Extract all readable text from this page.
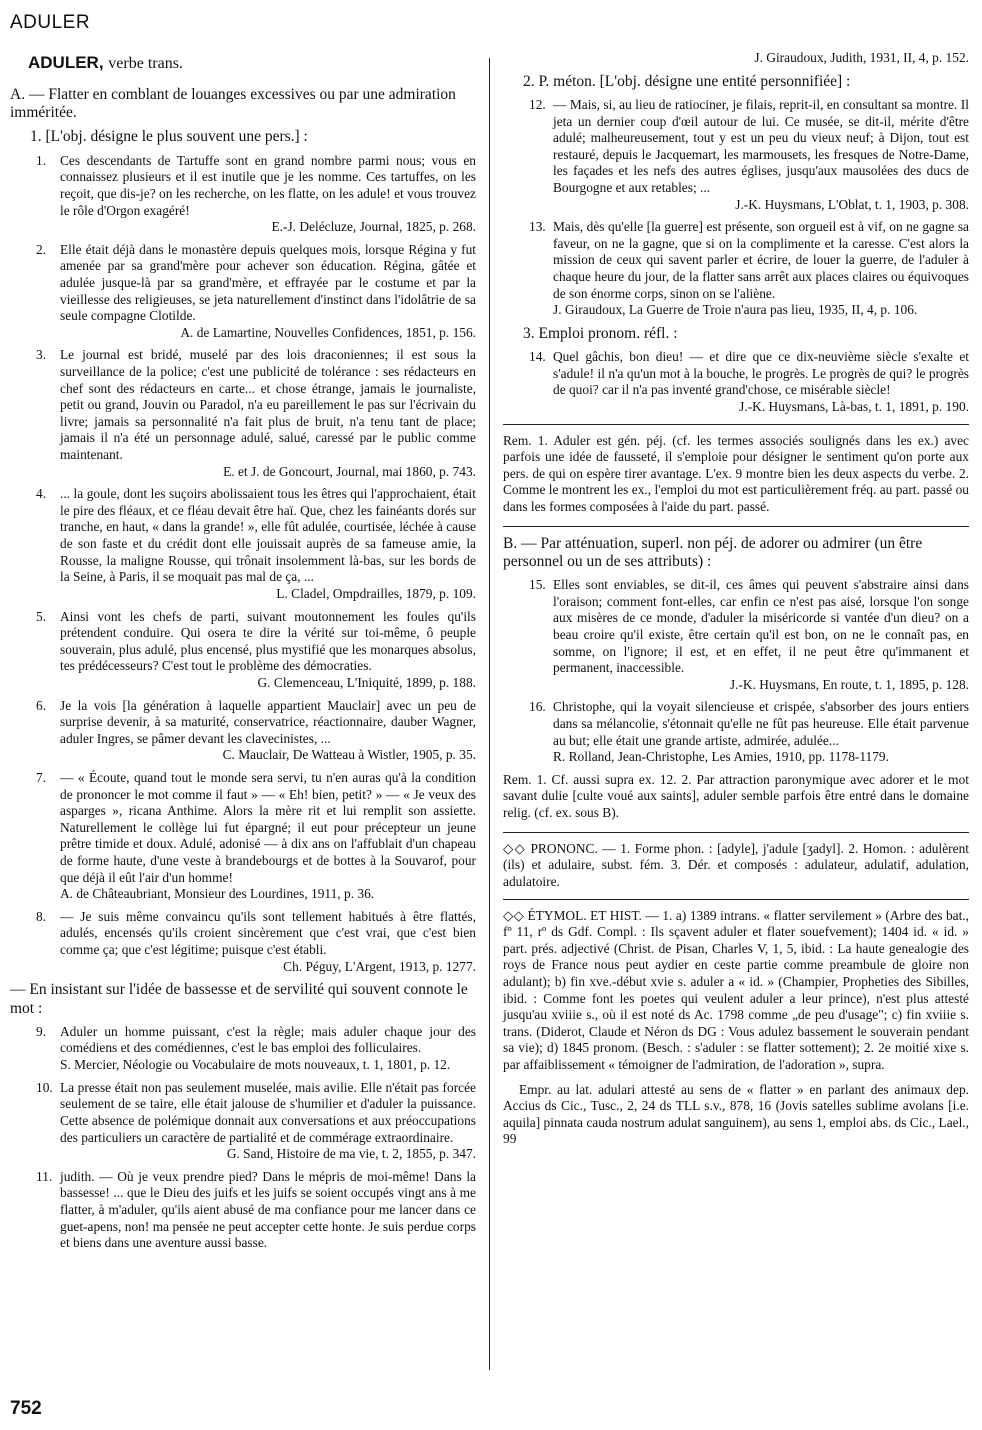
ADULER
ADULER, verbe trans.
A. — Flatter en comblant de louanges excessives ou par une admiration imméritée.
1. [L'obj. désigne le plus souvent une pers.] :
1. Ces descendants de Tartuffe sont en grand nombre parmi nous; vous en connaissez plusieurs et il est inutile que je les nomme. Ces tartuffes, on les reçoit, que dis-je? on les recherche, on les flatte, on les adule! et vous trouvez le rôle d'Orgon exagéré!
E.-J. Delécluze, Journal, 1825, p. 268.
2. Elle était déjà dans le monastère depuis quelques mois, lorsque Régina y fut amenée par sa grand'mère pour achever son éducation. Régina, gâtée et adulée jusque-là par sa grand'mère, et effrayée par le costume et par la vieillesse des religieuses, se jeta naturellement d'instinct dans l'idolâtrie de sa seule compagne Clotilde.
A. de Lamartine, Nouvelles Confidences, 1851, p. 156.
3. Le journal est bridé, muselé par des lois draconiennes; il est sous la surveillance de la police; c'est une publicité de tolérance : ses rédacteurs en chef sont des rédacteurs en carte... et chose étrange, jamais le journaliste, petit ou grand, Jouvin ou Paradol, n'a eu pareillement le pas sur l'écrivain du livre; jamais sa personnalité n'a fait plus de bruit, n'a tenu tant de place; jamais il n'a été un personnage adulé, salué, caressé par le public comme maintenant.
E. et J. de Goncourt, Journal, mai 1860, p. 743.
4. ... la goule, dont les suçoirs abolissaient tous les êtres qui l'approchaient, était le pire des fléaux, et ce fléau devait être haï. Que, chez les fainéants dorés sur tranche, en haut, « dans la grande! », elle fût adulée, courtisée, léchée à cause de son faste et du crédit dont elle jouissait auprès de sa fameuse amie, la Rousse, la maligne Rousse, qui trônait insolemment là-bas, sur les bords de la Seine, à Paris, il se moquait pas mal de ça, ...
L. Cladel, Ompdrailles, 1879, p. 109.
5. Ainsi vont les chefs de parti, suivant moutonnement les foules qu'ils prétendent conduire. Qui osera te dire la vérité sur toi-même, ô peuple souverain, plus adulé, plus encensé, plus mystifié que les monarques absolus, tes prédécesseurs? C'est tout le problème des démocraties.
G. Clemenceau, L'Iniquité, 1899, p. 188.
6. Je la vois [la génération à laquelle appartient Mauclair] avec un peu de surprise devenir, à sa maturité, conservatrice, réactionnaire, dauber Wagner, aduler Ingres, se pâmer devant les clavecinistes, ...
C. Mauclair, De Watteau à Wistler, 1905, p. 35.
7. — « Écoute, quand tout le monde sera servi, tu n'en auras qu'à la condition de prononcer le mot comme il faut » — « Eh! bien, petit? » — « Je veux des asparges », ricana Anthime. Alors la mère rit et lui remplit son assiette. Naturellement le collège lui fut épargné; il eut pour précepteur un jeune prêtre timide et doux. Adulé, adonisé — à dix ans on l'affublait d'un chapeau de forme haute, d'une veste à brandebourgs et de bottes à la Souvarof, pour que déjà il eût l'air d'un homme!
A. de Châteaubriant, Monsieur des Lourdines, 1911, p. 36.
8. — Je suis même convaincu qu'ils sont tellement habitués à être flattés, adulés, encensés qu'ils croient sincèrement que c'est vrai, que c'est bien comme ça; que c'est légitime; puisque c'est établi.
Ch. Péguy, L'Argent, 1913, p. 1277.
— En insistant sur l'idée de bassesse et de servilité qui souvent connote le mot :
9. Aduler un homme puissant, c'est la règle; mais aduler chaque jour des comédiens et des comédiennes, c'est le bas emploi des folliculaires.
S. Mercier, Néologie ou Vocabulaire de mots nouveaux, t. 1, 1801, p. 12.
10. La presse était non pas seulement muselée, mais avilie. Elle n'était pas forcée seulement de se taire, elle était jalouse de s'humilier et d'aduler la puissance. Cette absence de polémique donnait aux conversations et aux préoccupations des particuliers un caractère de partialité et de commérage extraordinaire.
G. Sand, Histoire de ma vie, t. 2, 1855, p. 347.
11. judith. — Où je veux prendre pied? Dans le mépris de moi-même! Dans la bassesse! ... que le Dieu des juifs et les juifs se soient occupés vingt ans à me flatter, à m'aduler, qu'ils aient abusé de ma confiance pour me lancer dans ce guet-apens, non! ma pensée ne peut accepter cette honte. Je suis perdue corps et biens dans une aventure aussi basse.
J. Giraudoux, Judith, 1931, II, 4, p. 152.
2. P. méton. [L'obj. désigne une entité personnifiée] :
12. — Mais, si, au lieu de ratiociner, je filais, reprit-il, en consultant sa montre. Il jeta un dernier coup d'œil autour de lui. Ce musée, se dit-il, mérite d'être adulé; malheureusement, tout y est un peu du vieux neuf; à Dijon, tout est restauré, depuis le Jacquemart, les marmousets, les fresques de Notre-Dame, les façades et les nefs des autres églises, jusqu'aux mausolées des ducs de Bourgogne et aux retables; ...
J.-K. Huysmans, L'Oblat, t. 1, 1903, p. 308.
13. Mais, dès qu'elle [la guerre] est présente, son orgueil est à vif, on ne gagne sa faveur, on ne la gagne, que si on la complimente et la caresse. C'est alors la mission de ceux qui savent parler et écrire, de louer la guerre, de l'aduler à chaque heure du jour, de la flatter sans arrêt aux places claires ou équivoques de son énorme corps, sinon on se l'aliène.
J. Giraudoux, La Guerre de Troie n'aura pas lieu, 1935, II, 4, p. 106.
3. Emploi pronom. réfl. :
14. Quel gâchis, bon dieu! — et dire que ce dix-neuvième siècle s'exalte et s'adule! il n'a qu'un mot à la bouche, le progrès. Le progrès de qui? le progrès de quoi? car il n'a pas inventé grand'chose, ce misérable siècle!
J.-K. Huysmans, Là-bas, t. 1, 1891, p. 190.
Rem. 1. Aduler est gén. péj. (cf. les termes associés soulignés dans les ex.) avec parfois une idée de fausseté, il s'emploie pour désigner le sentiment qu'on porte aux pers. de qui on espère tirer avantage. L'ex. 9 montre bien les deux aspects du verbe. 2. Comme le montrent les ex., l'emploi du mot est particulièrement fréq. au part. passé ou dans les formes composées à l'aide du part. passé.
B. — Par atténuation, superl. non péj. de adorer ou admirer (un être personnel ou un de ses attributs) :
15. Elles sont enviables, se dit-il, ces âmes qui peuvent s'abstraire ainsi dans l'oraison; comment font-elles, car enfin ce n'est pas aisé, lorsque l'on songe aux misères de ce monde, d'aduler la miséricorde si vantée d'un dieu? on a beau croire qu'il existe, être certain qu'il est bon, on ne le connaît pas, en somme, on l'ignore; il est, et en effet, il ne peut être qu'immanent et permanent, inaccessible.
J.-K. Huysmans, En route, t. 1, 1895, p. 128.
16. Christophe, qui la voyait silencieuse et crispée, s'absorber des jours entiers dans sa mélancolie, s'étonnait qu'elle ne fût pas heureuse. Elle était parvenue au but; elle était une grande artiste, admirée, adulée...
R. Rolland, Jean-Christophe, Les Amies, 1910, pp. 1178-1179.
Rem. 1. Cf. aussi supra ex. 12. 2. Par attraction paronymique avec adorer et le mot savant dulie [culte voué aux saints], aduler semble parfois être entré dans le domaine relig. (cf. ex. sous B).
◇◇ PRONONC. — 1. Forme phon. : [adyle], j'adule [ʒadyl]. 2. Homon. : adulèrent (ils) et adulaire, subst. fém. 3. Dér. et composés : adulateur, adulatif, adulation, adulatoire.
◇◇ ÉTYMOL. ET HIST. — 1. a) 1389 intrans. « flatter servilement » (Arbre des bat., fº 11, rº ds Gdf. Compl. : Ils sçavent aduler et flater souefvement); 1404 id. « id. » part. prés. adjectivé (Christ. de Pisan, Charles V, 1, 5, ibid. : La haute genealogie des roys de France nous peut aydier en ceste partie comme preambule de gloire non adulant); b) fin xve.-début xvie s. aduler a « id. » (Champier, Propheties des Sibilles, ibid. : Comme font les poetes qui veulent aduler a leur prince), n'est plus attesté jusqu'au xviiie s., où il est noté ds Ac. 1798 comme „de peu d'usage"; c) fin xviiie s. trans. (Diderot, Claude et Néron ds DG : Vous adulez bassement le souverain pendant sa vie); d) 1845 pronom. (Besch. : s'aduler : se flatter sottement); 2. 2e moitié xixe s. par affaiblissement « témoigner de l'admiration, de l'adoration », supra.
Empr. au lat. adulari attesté au sens de « flatter » en parlant des animaux dep. Accius ds Cic., Tusc., 2, 24 ds TLL s.v., 878, 16 (Jovis satelles sublime avolans [i.e. aquila] pinnata cauda nostrum adulat sanguinem), au sens 1, emploi abs. ds Cic., Lael., 99
752
